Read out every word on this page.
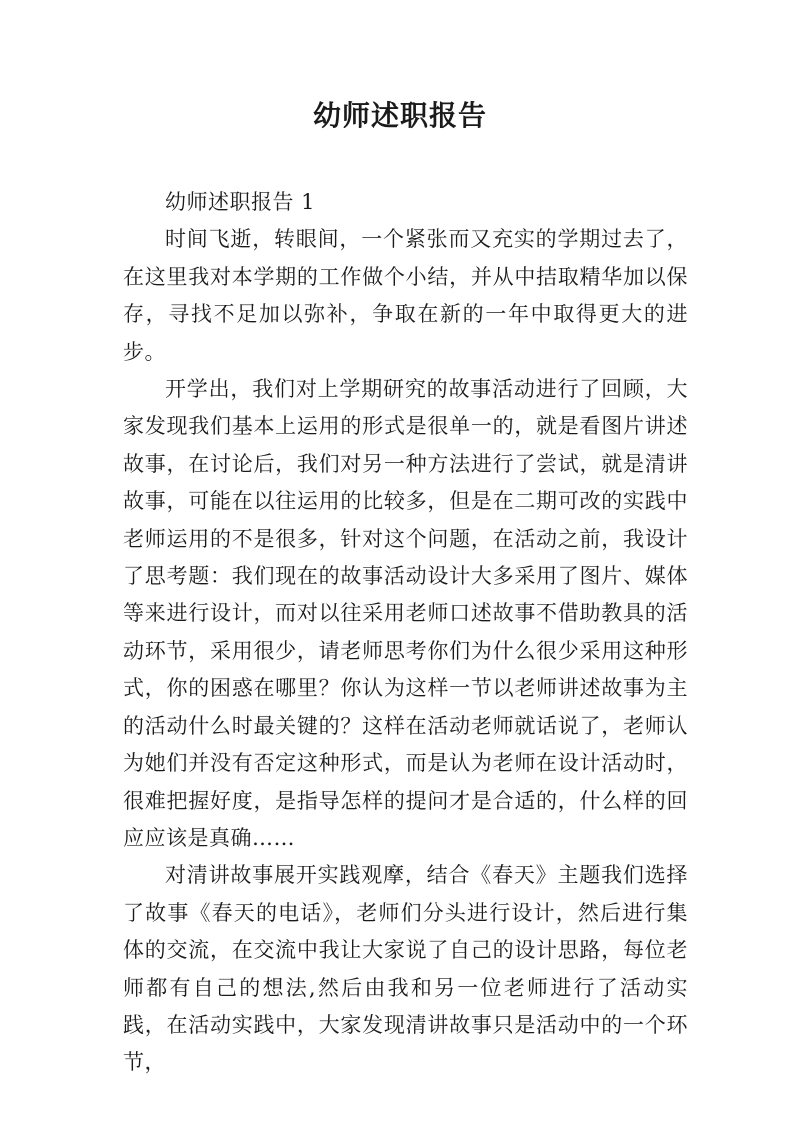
幼师述职报告

幼师述职报告 1

时间飞逝，转眼间，一个紧张而又充实的学期过去了，在这里我对本学期的工作做个小结，并从中拮取精华加以保存，寻找不足加以弥补，争取在新的一年中取得更大的进步。

开学出，我们对上学期研究的故事活动进行了回顾，大家发现我们基本上运用的形式是很单一的，就是看图片讲述故事，在讨论后，我们对另一种方法进行了尝试，就是清讲故事，可能在以往运用的比较多，但是在二期可改的实践中老师运用的不是很多，针对这个问题，在活动之前，我设计了思考题：我们现在的故事活动设计大多采用了图片、媒体等来进行设计，而对以往采用老师口述故事不借助教具的活动环节，采用很少，请老师思考你们为什么很少采用这种形式，你的困惑在哪里？你认为这样一节以老师讲述故事为主的活动什么时最关键的？这样在活动老师就话说了，老师认为她们并没有否定这种形式，而是认为老师在设计活动时，很难把握好度，是指导怎样的提问才是合适的，什么样的回应应该是真确……

对清讲故事展开实践观摩，结合《春天》主题我们选择了故事《春天的电话》，老师们分头进行设计，然后进行集体的交流，在交流中我让大家说了自己的设计思路，每位老师都有自己的想法,然后由我和另一位老师进行了活动实践，在活动实践中，大家发现清讲故事只是活动中的一个环节，
